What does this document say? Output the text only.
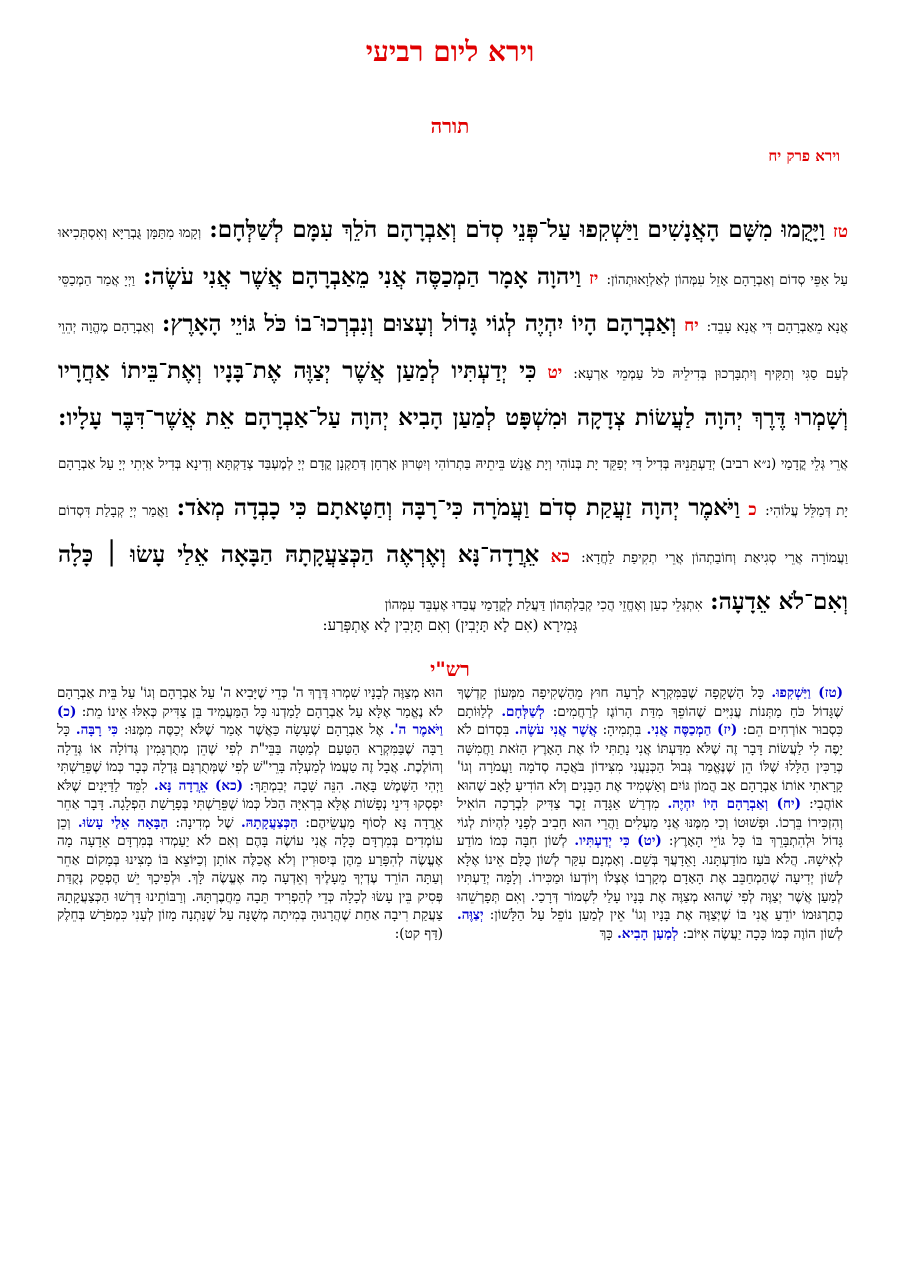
וירא ליום רביעי
תורה
וירא פרק יח
טז וַיָּקֻמוּ מִשָּׁם הָאֲנָשִׁים וַיַּשְׁקִפוּ עַל־פְּנֵי סְדֹם וְאַבְרָהָם הֹלֵךְ עִמָּם לְשַׁלְּחָם: וְקָמוּ מִתַּמָּן גֻּבְרַיָּא וְאִסְתְּכִיאוּ עַל אַפֵּי סְדוֹם וְאַבְרָהָם אָזֵל עִמְּהוֹן לְאַלְוָאוּתְהוֹן: יז וַיהוָה אָמָר הַמְכַסֶּה אֲנִי מֵאַבְרָהָם אֲשֶׁר אֲנִי עֹשֶׂה: וַיְיָ אֲמַר הַמְכַסֵּי אֲנָא מֵאַבְרָהָם דִּי אֲנָא עָבֵד: יח וְאַבְרָהָם הָיוֹ יִהְיֶה לְגוֹי גָּדוֹל וְעָצוּם וְנִבְרְכוּ־בוֹ כֹּל גּוֹיֵי הָאָרֶץ: וְאַבְרָהָם מֶהֱוָה יְהֵוֵי לְעַם סַגִּי וְתַקִּיף וְיִתְבָּרְכוּן בְּדִילֵיהּ כֹּל עַמְמֵי אַרְעָא: יט כִּי יְדַעְתִּיו לְמַעַן אֲשֶׁר יְצַוֶּה אֶת־בָּנָיו וְאֶת־בֵּיתוֹ אַחֲרָיו וְשָׁמְרוּ דֶּרֶךְ יְהוָה לַעֲשׂוֹת צְדָקָה וּמִשְׁפָּט לְמַעַן הָבִיא יְהוָה עַל־אַבְרָהָם אֵת אֲשֶׁר־דִּבֶּר עָלָיו: אֲרֵי גְּלֵי קֳדָמַי (נ״א רביב) יְדַעְתֵּנֵיהּ בְּדִיל דִּי יְפַקֵּד יָת בְּנוֹהִי וְיָת אֱנָשׁ בֵּיתֵיהּ בַּתְרוֹהִי וְיִטְּרוּן אָרְחָן דְּתַקְנָן קֳדָם יְיָ לְמֶעְבַּד צְדַקְתָּא וְדִינָא בְּדִיל אַיְתִי יְיָ עַל אַבְרָהָם יָת דְּמַלֵּל עֲלוֹהִי: כ וַיֹּאמֶר יְהוָה זַעֲקַת סְדֹם וַעֲמֹרָה כִּי־רָבָּה וְחַטָּאתָם כִּי כָבְדָה מְאֹד: וַאֲמַר יְיָ קְבָלַת דִּסְדוֹם וַעֲמוֹרָה אֲרֵי סְגִיאַת וְחוֹבַתְהוֹן אֲרֵי תְקִיפַת לַחֲדָא: כא אֵרֲדָה־נָּא וְאֶרְאֶה הַכְּצַעֲקָתָהּ הַבָּאָה אֵלַי עָשׂוּ ׀ כָּלָה וְאִם־לֹא אֵדָעָה: אִתְגְּלֵי כְעַן וְאֶחֱזֵי הֲכִי קְבַלְתְּהוֹן דַּעֲלַת לְקֳדָמַי עֲבַדוּ אֶעְבֵּד עִמְּהוֹן
גְּמִירָא (אִם לָא תָּיְבִין) וְאִם תָּיְבִין לָא אֶתְפְּרַע:
רש"י
(טז) וַיַּשְׁקִפוּ. כָּל הַשְׁקָפָה שֶׁבַּמִּקְרָא לְרָעָה חוּץ מֵהַשְׁקִיפָה מִמְּעוֹן קָדְשֶׁךָ שֶׁגָּדוֹל כֹּחַ מַתְּנוֹת עֲנִיִּים שֶׁהוֹפֵךְ מִדַּת הָרוֹגֶז לְרַחֲמִים: לְשַׁלְּחָם. לְלַוּוֹתָם כִּסְבוּר אוֹרְחִים הֵם: (יז) הַמְכַסֶּה אֲנִי. בִּתְמִיהָ: אֲשֶׁר אֲנִי עֹשֶׂה. בִּסְדוֹם לֹא יָפֶה לִי לַעֲשׂוֹת דָּבָר זֶה שֶׁלֹּא מִדַּעְתּוֹ אֲנִי נָתַתִּי לוֹ אֶת הָאָרֶץ הַזֹּאת וַחֲמִשָּׁה כְּרַכִּין הַלָּלוּ שֶׁלּוֹ הֵן שֶׁנֶּאֱמַר גְּבוּל הַכְּנַעֲנִי מִצִּידוֹן בֹּאֲכָה סְדֹמָה וַעֲמֹרָה וְגוֹ' קָרָאתִי אוֹתוֹ אַבְרָהָם אַב הֲמוֹן גּוֹיִם וְאַשְׁמִיד אֶת הַבָּנִים וְלֹא הוֹדִיעַ לָאָב שֶׁהוּא אוֹהֲבִי: (יח) וְאַבְרָהָם הָיוֹ יִהְיֶה. מִדְרַשׁ אַגָּדָה זֵכֶר צַדִּיק לִבְרָכָה הוֹאִיל וְהִזְכִּירוֹ בֵּרְכוֹ. וּפְשׁוּטוֹ וְכִי מִמֶּנּוּ אֲנִי מַעְלִים וַהֲרֵי הוּא חָבִיב לְפָנַי לִהְיוֹת לְגוֹי גָּדוֹל וּלְהִתְבָּרֵךְ בּוֹ כָּל גּוֹיֵי הָאָרֶץ: (יט) כִּי יְדַעְתִּיו. לְשׁוֹן חִבָּה כְּמוֹ מוֹדַע לְאִישָׁהּ. הֲלֹא בֹּעַז מוֹדַעְתָּנוּ. וָאֵדָעֲךָ בְּשֵׁם. וְאָמְנָם עִקַּר לְשׁוֹן כֻּלָּם אֵינוֹ אֶלָּא לְשׁוֹן יְדִיעָה שֶׁהַמְחַבֵּב אֶת הָאָדָם מְקָרְבוֹ אֶצְלוֹ וְיוֹדְעוֹ וּמַכִּירוֹ. וְלָמָּה יְדַעְתִּיו לְמַעַן אֲשֶׁר יְצַוֶּה לְפִי שֶׁהוּא מְצַוֶּה אֶת בָּנָיו עָלַי לִשְׁמוֹר דְּרָכַי. וְאִם תְּפָרְשֵׁהוּ כְּתַרְגּוּמוֹ יוֹדֵעַ אֲנִי בּוֹ שֶׁיְּצַוֶּה אֶת בָּנָיו וְגוֹ' אֵין לְמַעַן נוֹפֵל עַל הַלָּשׁוֹן: יְצַוֶּה. לְשׁוֹן הוֹוֶה כְּמוֹ כָּכָה יַעֲשֶׂה אִיּוֹב: לְמַעַן הָבִיא. כָּךְ
הוּא מְצַוֶּה לְבָנָיו שִׁמְרוּ דֶּרֶךְ ה' כְּדֵי שֶׁיָּבִיא ה' עַל אַבְרָהָם וְגוֹ' עַל בֵּית אַבְרָהָם לֹא נֶאֱמַר אֶלָּא עַל אַבְרָהָם לָמַדְנוּ כָּל הַמַּעֲמִיד בֵּן צַדִּיק כְּאִלּוּ אֵינוֹ מֵת: (כ) וַיֹּאמֶר ה'. אֶל אַבְרָהָם שֶׁעָשָׂה כַּאֲשֶׁר אָמַר שֶׁלֹּא יְכַסֶּה מִמֶּנּוּ: כִּי רָבָּה. כָּל רַבָּה שֶׁבַּמִּקְרָא הַטַּעַם לְמַטָּה בַּבֵּי"ת לְפִי שֶׁהֵן מְתֻרְגָּמִין גְּדוֹלָה אוֹ גְּדֵלָה וְהוֹלֶכֶת. אֲבָל זֶה טַעֲמוֹ לְמַעְלָה בָּרֵי"שׁ לְפִי שֶׁמְּתֻרְגָּם גָּדְלָה כְּבָר כְּמוֹ שֶׁפֵּרַשְׁתִּי וַיְהִי הַשֶּׁמֶשׁ בָּאָה. הִנֵּה שָׁבָה יְבִמְתֵּךְ: (כא) אֵרֲדָה נָּא. לִמֵּד לַדַּיָּנִים שֶׁלֹּא יִפְסְקוּ דִּינֵי נְפָשׁוֹת אֶלָּא בִּרְאִיָּה הַכֹּל כְּמוֹ שֶׁפֵּרַשְׁתִּי בְּפָרָשַׁת הַפְלָגָה. דָּבָר אַחֵר אֵרֲדָה נָּא לְסוֹף מַעֲשֵׂיהֶם: הַכְּצַעֲקָתָהּ. שֶׁל מְדִינָה: הַבָּאָה אֵלַי עָשׂוּ. וְכֵן עוֹמְדִים בְּמִרְדָּם כָּלָה אֲנִי עוֹשֶׂה בָּהֶם וְאִם לֹא יַעַמְדוּ בְּמִרְדָּם אֵדָעָה מָה אֶעֱשֶׂה לְהִפָּרַע מֵהֶן בְּיִסּוּרִין וְלֹא אֲכַלֶּה אוֹתָן וְכַיּוֹצֵא בּוֹ מָצִינוּ בְּמָקוֹם אַחֵר וְעַתָּה הוֹרֵד עֶדְיְךָ מֵעָלֶיךָ וְאֵדְעָה מָה אֶעֱשֶׂה לָּךְ. וּלְפִיכָךְ יֵשׁ הֶפְסֵק נְקֻדַּת פְּסִיק בֵּין עָשׂוּ לְכָלָה כְּדֵי לְהַפְרִיד תֵּבָה מֵחֲבֶרְתָּהּ. וְרַבּוֹתֵינוּ דָּרְשׁוּ הַכְּצַעֲקָתָהּ צַעֲקַת רִיבָה אַחַת שֶׁהֲרָגוּהָ בְּמִיתָה מְשֻׁנָּה עַל שֶׁנָּתְנָה מָזוֹן לְעָנִי כִּמְפֹרָשׁ בְּחֵלֶק (דַּף קט):
